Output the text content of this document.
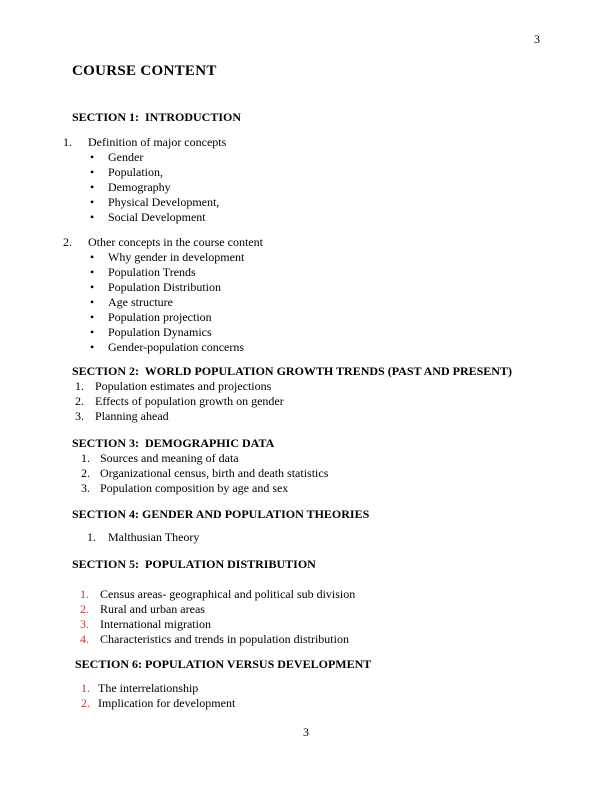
3
COURSE CONTENT
SECTION 1:  INTRODUCTION
1.	Definition of major concepts
•	Gender
•	Population,
•	Demography
•	Physical Development,
•	Social Development
2.	Other concepts in the course content
•	Why gender in development
•	Population Trends
•	Population Distribution
•	Age structure
•	Population projection
•	Population Dynamics
•	Gender-population concerns
SECTION 2:  WORLD POPULATION GROWTH TRENDS (PAST AND PRESENT)
1. Population estimates and projections
2. Effects of population growth on gender
3. Planning ahead
SECTION 3:  DEMOGRAPHIC DATA
1. Sources and meaning of data
2. Organizational census, birth and death statistics
3. Population composition by age and sex
SECTION 4: GENDER AND POPULATION THEORIES
1.	Malthusian Theory
SECTION 5:  POPULATION DISTRIBUTION
1. Census areas- geographical and political sub division
2. Rural and urban areas
3. International migration
4. Characteristics and trends in population distribution
SECTION 6: POPULATION VERSUS DEVELOPMENT
1. The interrelationship
2. Implication for development
3
